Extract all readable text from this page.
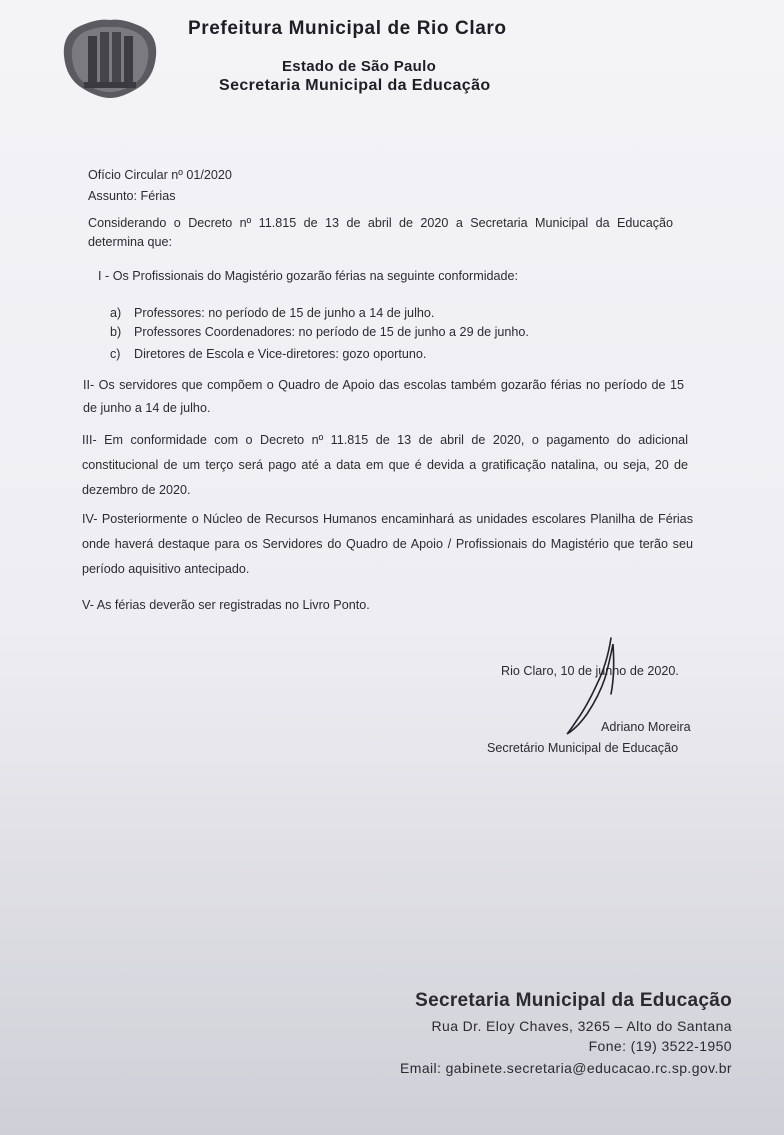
Prefeitura Municipal de Rio Claro
Estado de São Paulo
Secretaria Municipal da Educação
Ofício Circular nº 01/2020
Assunto: Férias
Considerando o Decreto nº 11.815 de 13 de abril de 2020 a Secretaria Municipal da Educação determina que:
I - Os Profissionais do Magistério gozarão férias na seguinte conformidade:
a) Professores: no período de 15 de junho a 14 de julho.
b) Professores Coordenadores: no período de 15 de junho a 29 de junho.
c) Diretores de Escola e Vice-diretores: gozo oportuno.
II- Os servidores que compõem o Quadro de Apoio das escolas também gozarão férias no período de 15 de junho a 14 de julho.
III- Em conformidade com o Decreto nº 11.815 de 13 de abril de 2020, o pagamento do adicional constitucional de um terço será pago até a data em que é devida a gratificação natalina, ou seja, 20 de dezembro de 2020.
IV- Posteriormente o Núcleo de Recursos Humanos encaminhará as unidades escolares Planilha de Férias onde haverá destaque para os Servidores do Quadro de Apoio / Profissionais do Magistério que terão seu período aquisitivo antecipado.
V- As férias deverão ser registradas no Livro Ponto.
Rio Claro, 10 de junho de 2020.
Adriano Moreira
Secretário Municipal de Educação
Secretaria Municipal da Educação
Rua Dr. Eloy Chaves, 3265 – Alto do Santana
Fone: (19) 3522-1950
Email: gabinete.secretaria@educacao.rc.sp.gov.br
